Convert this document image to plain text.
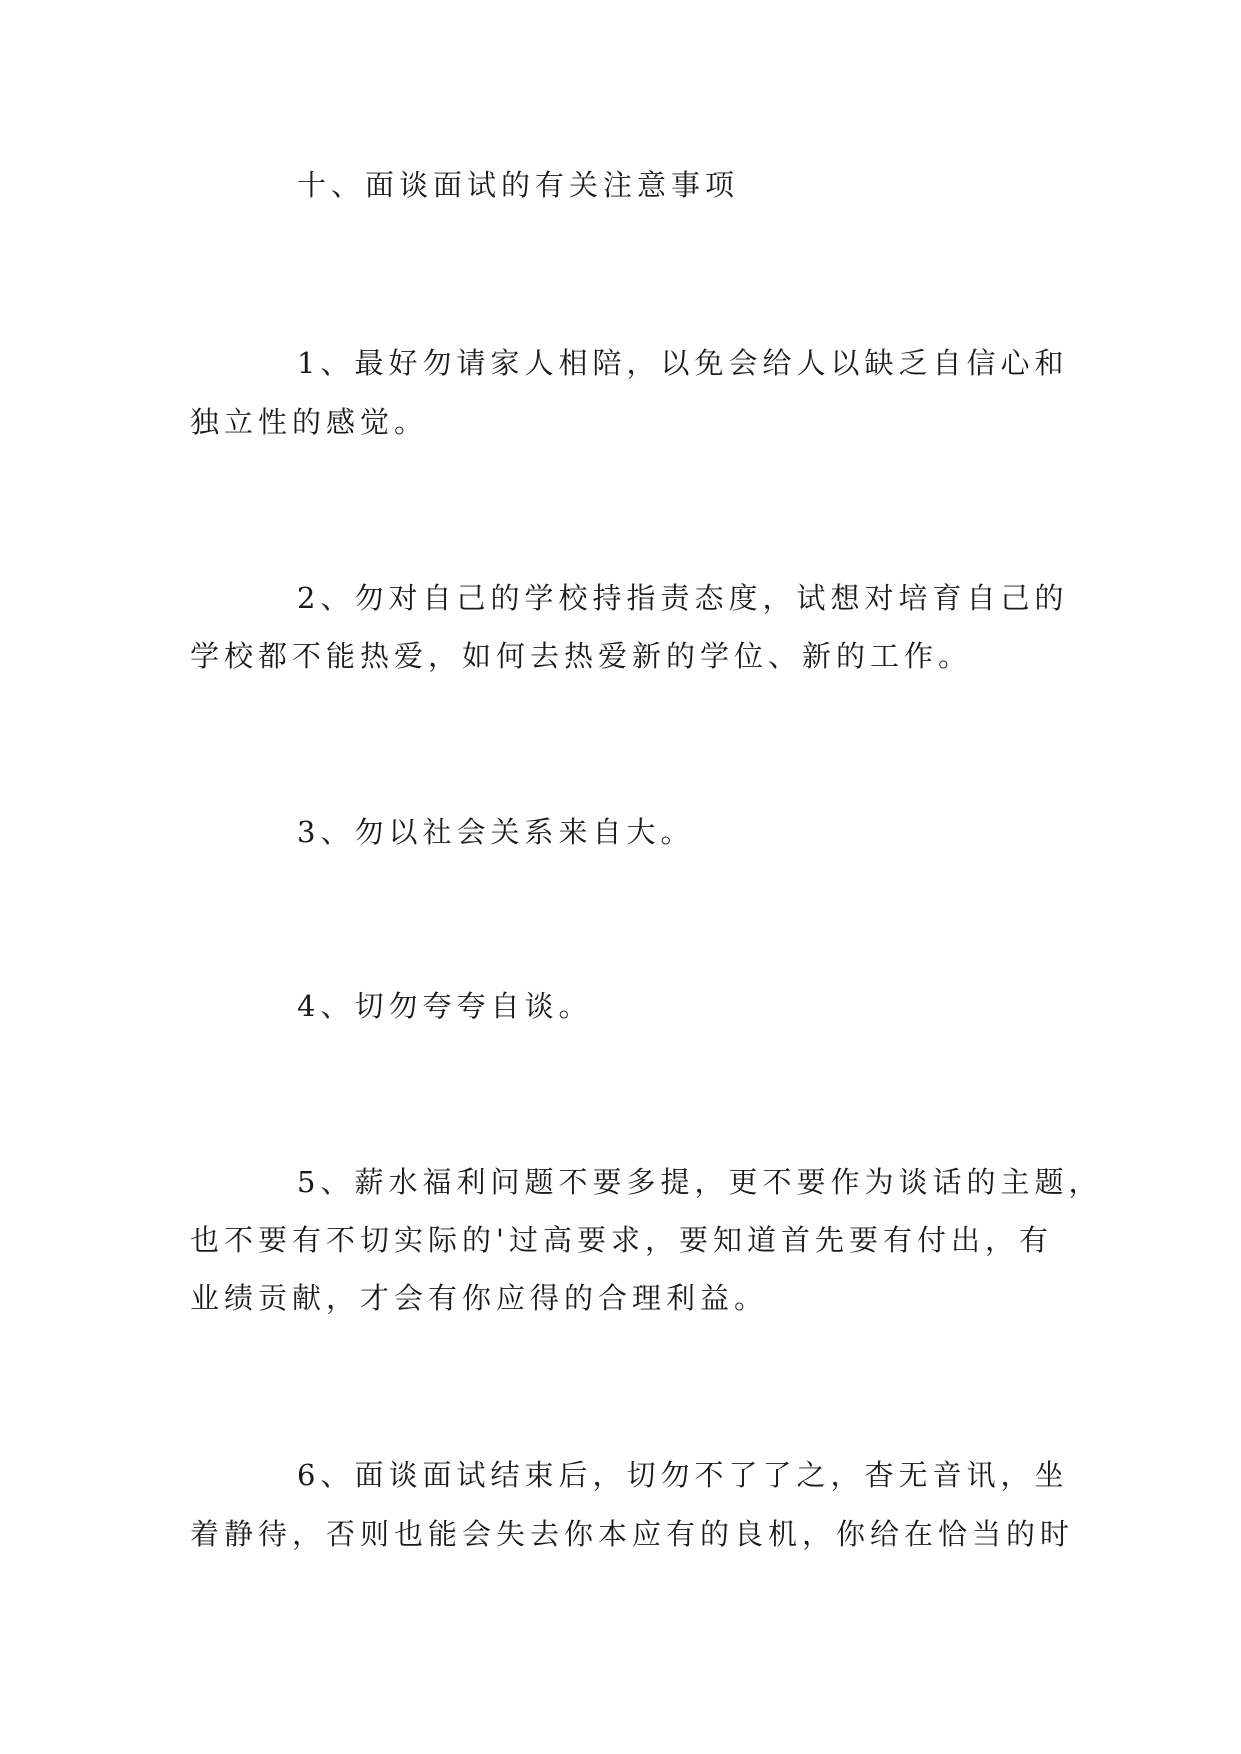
十、面谈面试的有关注意事项
1、最好勿请家人相陪，以免会给人以缺乏自信心和
独立性的感觉。
2、勿对自己的学校持指责态度，试想对培育自己的
学校都不能热爱，如何去热爱新的学位、新的工作。
3、勿以社会关系来自大。
4、切勿夸夸自谈。
5、薪水福利问题不要多提，更不要作为谈话的主题，
也不要有不切实际的'过高要求，要知道首先要有付出，有
业绩贡献，才会有你应得的合理利益。
6、面谈面试结束后，切勿不了了之，杳无音讯，坐
着静待，否则也能会失去你本应有的良机，你给在恰当的时
